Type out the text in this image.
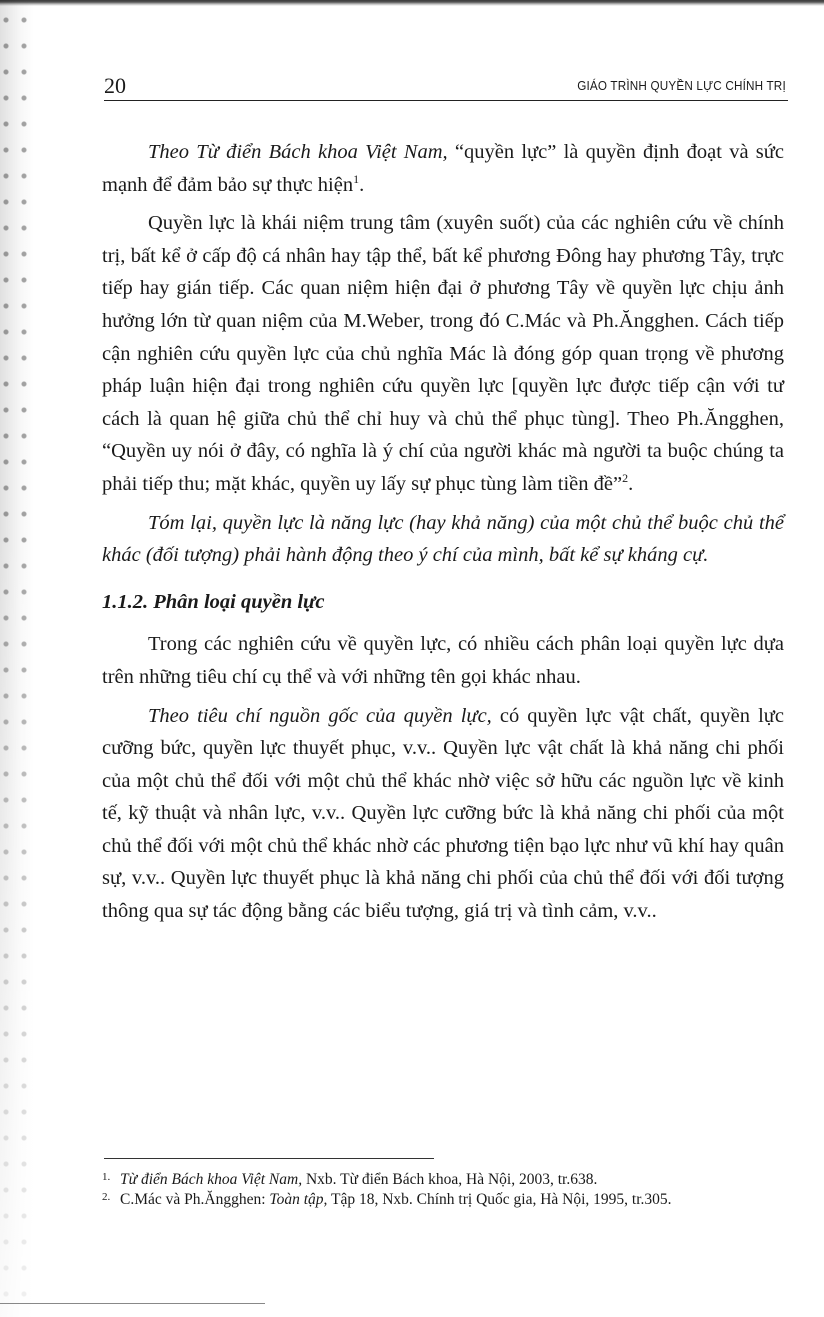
20	GIÁO TRÌNH QUYỀN LỰC CHÍNH TRỊ

Theo Từ điển Bách khoa Việt Nam, “quyền lực” là quyền định đoạt và sức mạnh để đảm bảo sự thực hiện$^1$.

Quyền lực là khái niệm trung tâm (xuyên suốt) của các nghiên cứu về chính trị, bất kể ở cấp độ cá nhân hay tập thể, bất kể phương Đông hay phương Tây, trực tiếp hay gián tiếp. Các quan niệm hiện đại ở phương Tây về quyền lực chịu ảnh hưởng lớn từ quan niệm của M.Weber, trong đó C.Mác và Ph.Ăngghen. Cách tiếp cận nghiên cứu quyền lực của chủ nghĩa Mác là đóng góp quan trọng về phương pháp luận hiện đại trong nghiên cứu quyền lực [quyền lực được tiếp cận với tư cách là quan hệ giữa chủ thể chỉ huy và chủ thể phục tùng]. Theo Ph.Ăngghen, “Quyền uy nói ở đây, có nghĩa là ý chí của người khác mà người ta buộc chúng ta phải tiếp thu; mặt khác, quyền uy lấy sự phục tùng làm tiền đề”$^2$.

Tóm lại, quyền lực là năng lực (hay khả năng) của một chủ thể buộc chủ thể khác (đối tượng) phải hành động theo ý chí của mình, bất kể sự kháng cự.

1.1.2. Phân loại quyền lực

Trong các nghiên cứu về quyền lực, có nhiều cách phân loại quyền lực dựa trên những tiêu chí cụ thể và với những tên gọi khác nhau.

Theo tiêu chí nguồn gốc của quyền lực, có quyền lực vật chất, quyền lực cưỡng bức, quyền lực thuyết phục, v.v.. Quyền lực vật chất là khả năng chi phối của một chủ thể đối với một chủ thể khác nhờ việc sở hữu các nguồn lực về kinh tế, kỹ thuật và nhân lực, v.v.. Quyền lực cưỡng bức là khả năng chi phối của một chủ thể đối với một chủ thể khác nhờ các phương tiện bạo lực như vũ khí hay quân sự, v.v.. Quyền lực thuyết phục là khả năng chi phối của chủ thể đối với đối tượng thông qua sự tác động bằng các biểu tượng, giá trị và tình cảm, v.v..

1. Từ điển Bách khoa Việt Nam, Nxb. Từ điển Bách khoa, Hà Nội, 2003, tr.638.
2. C.Mác và Ph.Ăngghen: Toàn tập, Tập 18, Nxb. Chính trị Quốc gia, Hà Nội, 1995, tr.305.
